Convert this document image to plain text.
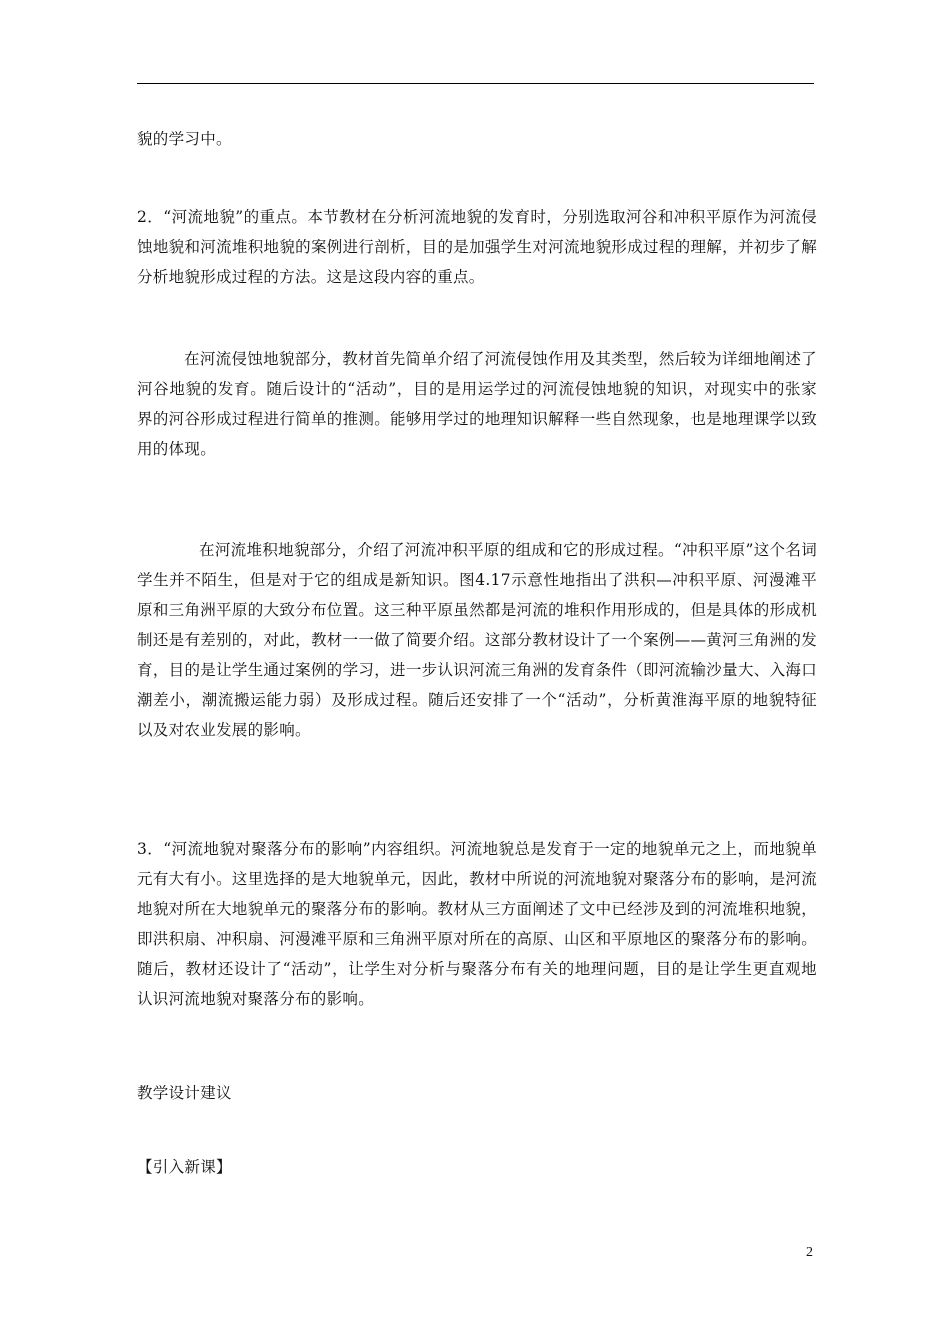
貌的学习中。

2．“河流地貌”的重点。本节教材在分析河流地貌的发育时，分别选取河谷和冲积平原作为河流侵蚀地貌和河流堆积地貌的案例进行剖析，目的是加强学生对河流地貌形成过程的理解，并初步了解分析地貌形成过程的方法。这是这段内容的重点。

在河流侵蚀地貌部分，教材首先简单介绍了河流侵蚀作用及其类型，然后较为详细地阐述了河谷地貌的发育。随后设计的“活动”，目的是用运学过的河流侵蚀地貌的知识，对现实中的张家界的河谷形成过程进行简单的推测。能够用学过的地理知识解释一些自然现象，也是地理课学以致用的体现。

在河流堆积地貌部分，介绍了河流冲积平原的组成和它的形成过程。“冲积平原”这个名词学生并不陌生，但是对于它的组成是新知识。图4.17示意性地指出了洪积—冲积平原、河漫滩平原和三角洲平原的大致分布位置。这三种平原虽然都是河流的堆积作用形成的，但是具体的形成机制还是有差别的，对此，教材一一做了简要介绍。这部分教材设计了一个案例——黄河三角洲的发育，目的是让学生通过案例的学习，进一步认识河流三角洲的发育条件（即河流输沙量大、入海口潮差小，潮流搬运能力弱）及形成过程。随后还安排了一个“活动”，分析黄淮海平原的地貌特征以及对农业发展的影响。

3．“河流地貌对聚落分布的影响”内容组织。河流地貌总是发育于一定的地貌单元之上，而地貌单元有大有小。这里选择的是大地貌单元，因此，教材中所说的河流地貌对聚落分布的影响，是河流地貌对所在大地貌单元的聚落分布的影响。教材从三方面阐述了文中已经涉及到的河流堆积地貌，即洪积扇、冲积扇、河漫滩平原和三角洲平原对所在的高原、山区和平原地区的聚落分布的影响。随后，教材还设计了“活动”，让学生对分析与聚落分布有关的地理问题，目的是让学生更直观地认识河流地貌对聚落分布的影响。

教学设计建议

【引入新课】

2
